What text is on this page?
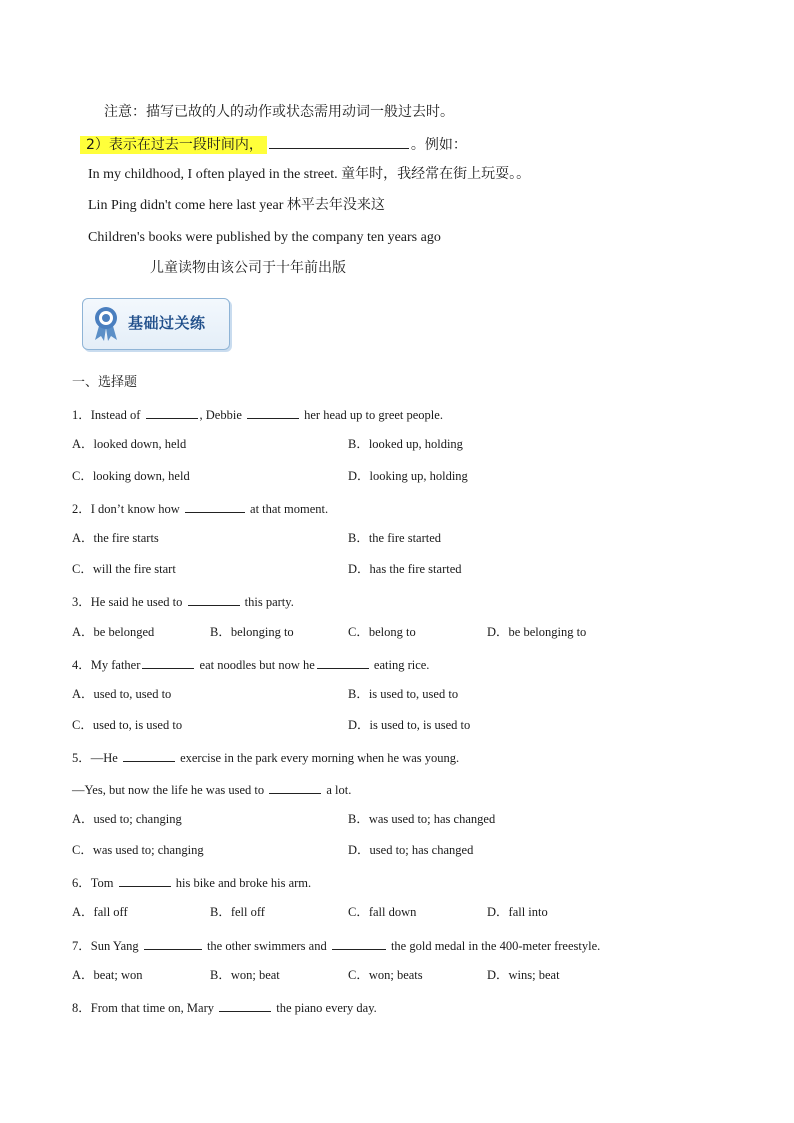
注意：描写已故的人的动作或状态需用动词一般过去时。
2）表示在过去一段时间内，	。例如：
In my childhood, I often played in the street. 童年时，我经常在街上玩耍。。
Lin Ping didn't come here last year 林平去年没来这
Children's books were published by the company ten years ago
儿童读物由该公司于十年前出版
基础过关练
一、选择题
1．Instead of	, Debbie	her head up to greet people.
A．looked down, held	B．looked up, holding
C．looking down, held	D．looking up, holding
2．I don’t know how	at that moment.
A．the fire starts	B．the fire started
C．will the fire start	D．has the fire started
3．He said he used to	this party.
A．be belonged	B．belonging to	C．belong to	D．be belonging to
4．My father	eat noodles but now he	eating rice.
A．used to, used to	B．is used to, used to
C．used to, is used to	D．is used to, is used to
5．—He	exercise in the park every morning when he was young.
—Yes, but now the life he was used to	a lot.
A．used to; changing	B．was used to; has changed
C．was used to; changing	D．used to; has changed
6．Tom	his bike and broke his arm.
A．fall off	B．fell off	C．fall down	D．fall into
7．Sun Yang	the other swimmers and	the gold medal in the 400-meter freestyle.
A．beat; won	B．won; beat	C．won; beats	D．wins; beat
8．From that time on, Mary	the piano every day.
